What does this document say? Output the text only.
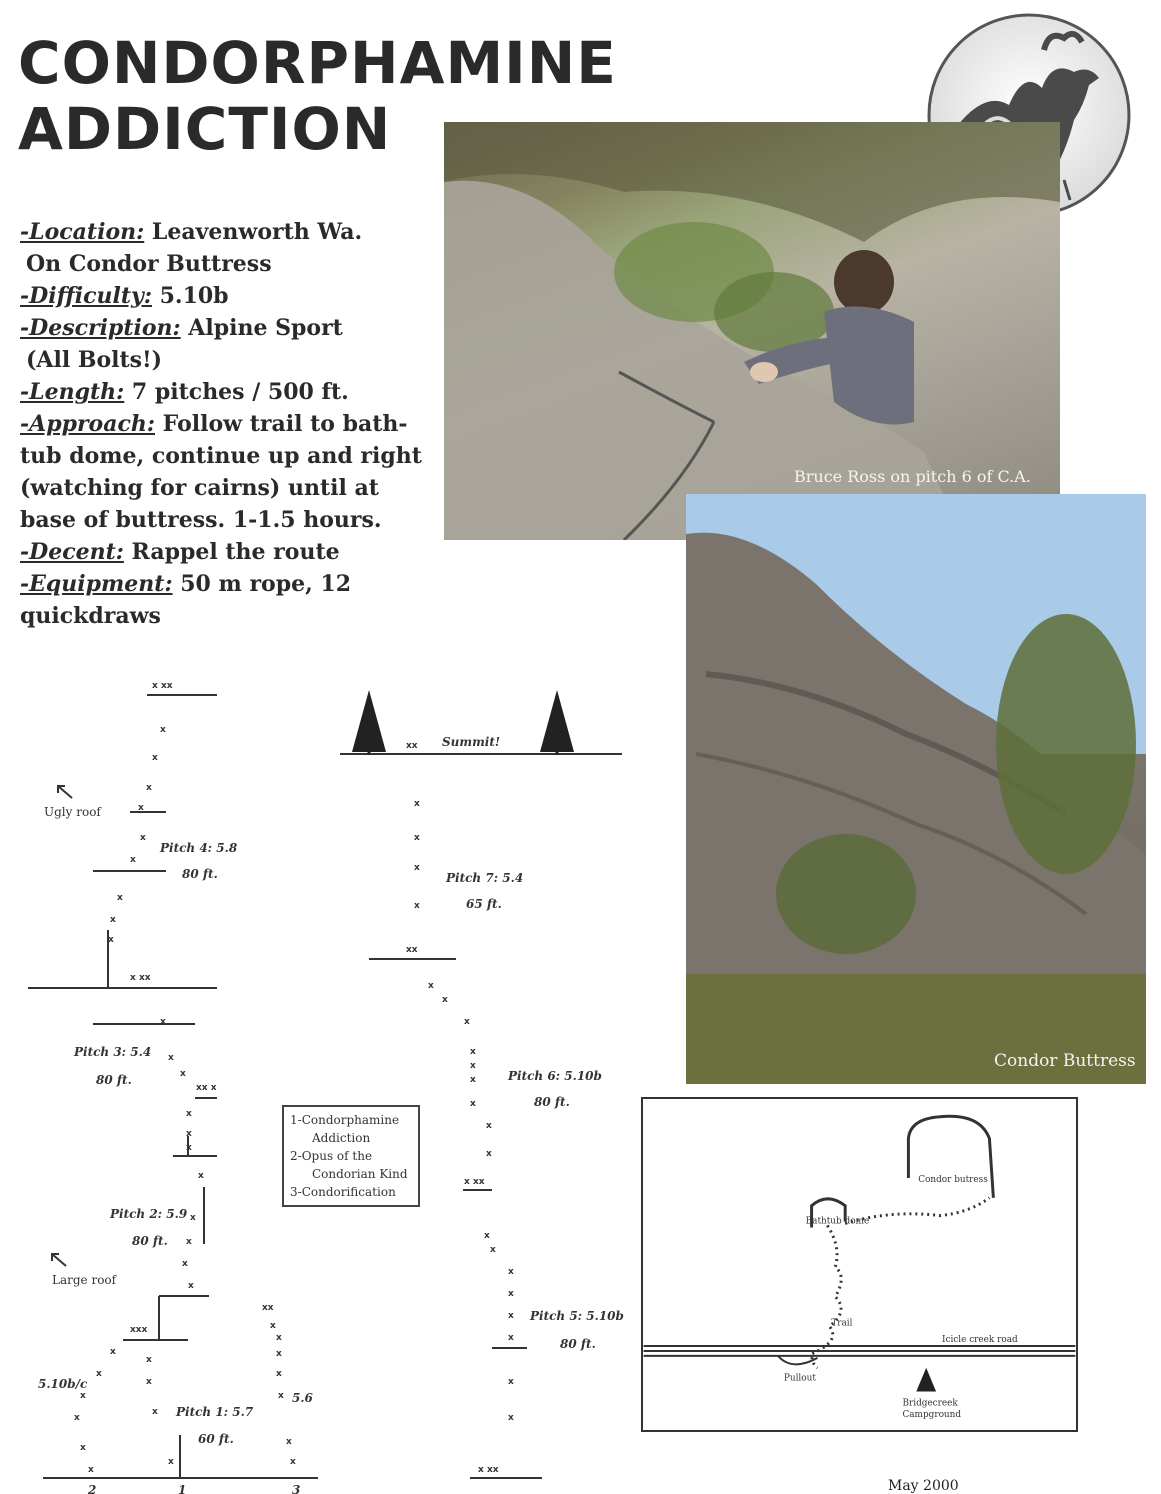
CONDORPHAMINE
ADDICTION
-Location: Leavenworth Wa.
On Condor Buttress
-Difficulty: 5.10b
-Description: Alpine Sport
(All Bolts!)
-Length: 7 pitches / 500 ft.
-Approach: Follow trail to bath-
tub dome, continue up and right
(watching for cairns) until at
base of buttress. 1-1.5 hours.
-Decent: Rappel the route
-Equipment: 50 m rope, 12
quickdraws
Bruce Ross on pitch 6 of C.A.
Condor Buttress
x xx
x
x
x
x
x
x
x
x
x
x xx
x
x
x
xx x
x
x
x
x
x
x
x
x
xxx
x
x
x
x
x
x
x
x
x
x
xx
x
x
x
x
x
x
x
xx
x
x
x
x
xx
x
x
x
x
x
x
x
x
x
x xx
x
x
x
x
x
x
x
x
x xx
Summit!
Ugly roof
Large roof
Pitch 4: 5.8
80 ft.
Pitch 3: 5.4
80 ft.
Pitch 2: 5.9
80 ft.
Pitch 1: 5.7
60 ft.
5.10b/c
5.6
Pitch 7: 5.4
65 ft.
Pitch 6: 5.10b
80 ft.
Pitch 5: 5.10b
80 ft.
2	1	3
1-Condorphamine
Addiction
2-Opus of the
Condorian Kind
3-Condorification
Condor butress
Bathtub dome
Trail
Icicle creek road
Pullout
Bridgecreek
Campground
May 2000
